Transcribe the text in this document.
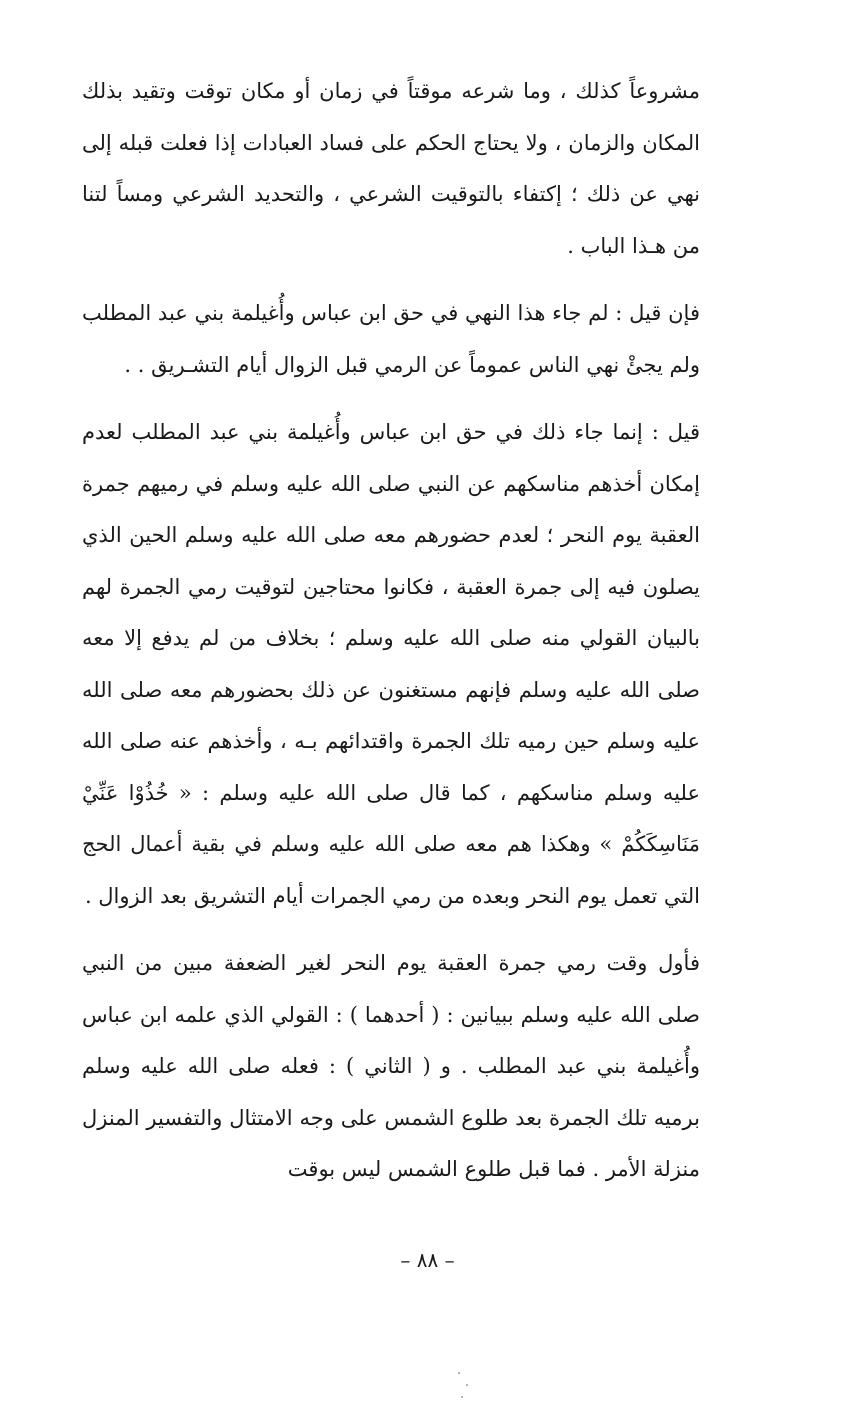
مشروعاً كذلك ، وما شرعه موقتاً في زمان أو مكان توقت وتقيد بذلك المكان والزمان ، ولا يحتاج الحكم على فساد العبادات إذا فعلت قبله إلى نهي عن ذلك ؛ إكتفاء بالتوقيت الشرعي ، والتحديد الشرعي ومساً لتنا من هـذا الباب .

فإن قيل : لم جاء هذا النهي في حق ابن عباس وأُغيلمة بني عبد المطلب ولم يجئْ نهي الناس عموماً عن الرمي قبل الزوال أيام التشـريق . .

قيل : إنما جاء ذلك في حق ابن عباس وأُغيلمة بني عبد المطلب لعدم إمكان أخذهم مناسكهم عن النبي صلى الله عليه وسلم في رميهم جمرة العقبة يوم النحر ؛ لعدم حضورهم معه صلى الله عليه وسلم الحين الذي يصلون فيه إلى جمرة العقبة ، فكانوا محتاجين لتوقيت رمي الجمرة لهم بالبيان القولي منه صلى الله عليه وسلم ؛ بخلاف من لم يدفع إلا معه صلى الله عليه وسلم فإنهم مستغنون عن ذلك بحضورهم معه صلى الله عليه وسلم حين رميه تلك الجمرة واقتدائهم بـه ، وأخذهم عنه صلى الله عليه وسلم مناسكهم ، كما قال صلى الله عليه وسلم : « خُذُوْا عَنِّيْ مَنَاسِكَكُمْ » وهكذا هم معه صلى الله عليه وسلم في بقية أعمال الحج التي تعمل يوم النحر وبعده من رمي الجمرات أيام التشريق بعد الزوال .

فأول وقت رمي جمرة العقبة يوم النحر لغير الضعفة مبين من النبي صلى الله عليه وسلم ببيانين : ( أحدهما ) : القولي الذي علمه ابن عباس وأُغيلمة بني عبد المطلب . و ( الثاني ) : فعله صلى الله عليه وسلم برميه تلك الجمرة بعد طلوع الشمس على وجه الامتثال والتفسير المنزل منزلة الأمر . فما قبل طلوع الشمس ليس بوقت

– ٨٨ –
